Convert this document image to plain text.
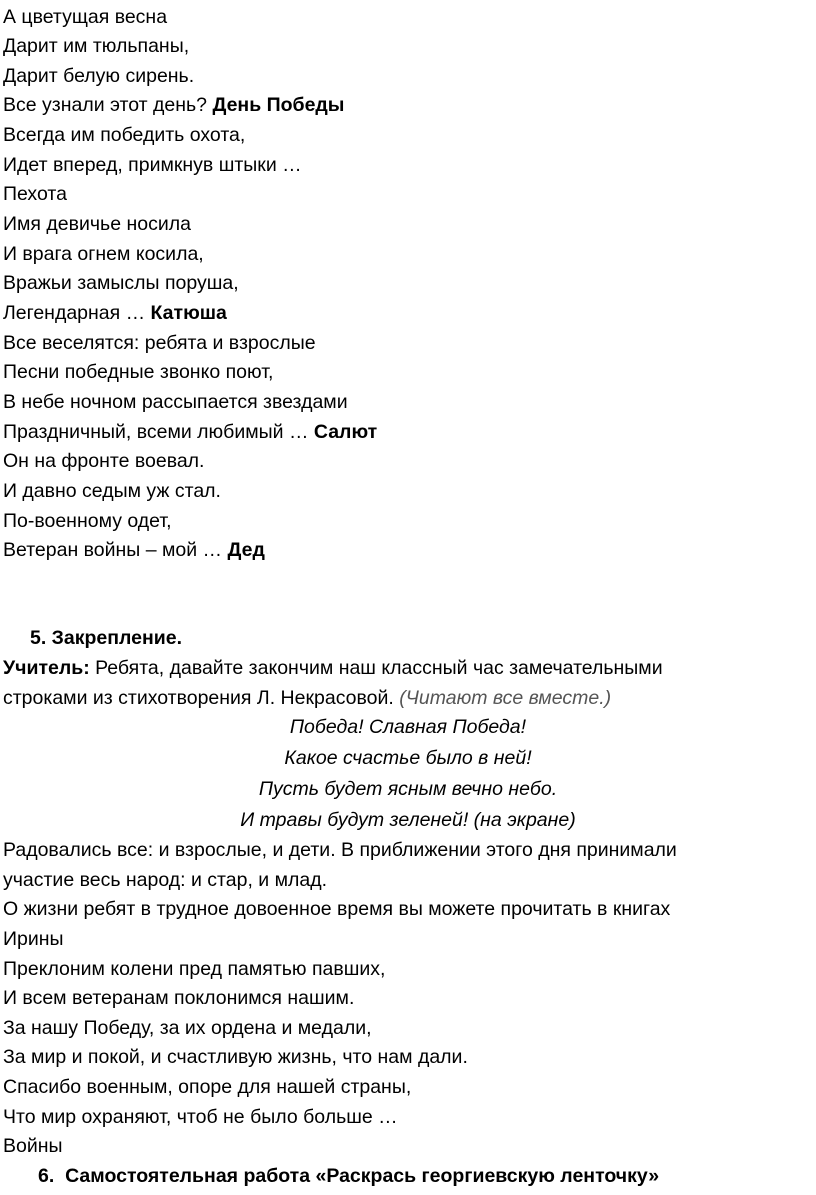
А цветущая весна
Дарит им тюльпаны,
Дарит белую сирень.
Все узнали этот день? День Победы
Всегда им победить охота,
Идет вперед, примкнув штыки …
Пехота
Имя девичье носила
И врага огнем косила,
Вражьи замыслы поруша,
Легендарная … Катюша
Все веселятся: ребята и взрослые
Песни победные звонко поют,
В небе ночном рассыпается звездами
Праздничный, всеми любимый … Салют
Он на фронте воевал.
И давно седым уж стал.
По-военному одет,
Ветеран войны – мой … Дед
5. Закрепление.
Учитель: Ребята, давайте закончим наш классный час замечательными
строками из стихотворения Л. Некрасовой. (Читают все вместе.)
Победа! Славная Победа!
Какое счастье было в ней!
Пусть будет ясным вечно небо.
И травы будут зеленей! (на экране)
Радовались все: и взрослые, и дети. В приближении этого дня принимали
участие весь народ: и стар, и млад.
О жизни ребят в трудное довоенное время вы можете прочитать в книгах
Ирины
Преклоним колени пред памятью павших,
И всем ветеранам поклонимся нашим.
За нашу Победу, за их ордена и медали,
За мир и покой, и счастливую жизнь, что нам дали.
Спасибо военным, опоре для нашей страны,
Что мир охраняют, чтоб не было больше …
Войны
6. Самостоятельная работа «Раскрась георгиевскую ленточку»
